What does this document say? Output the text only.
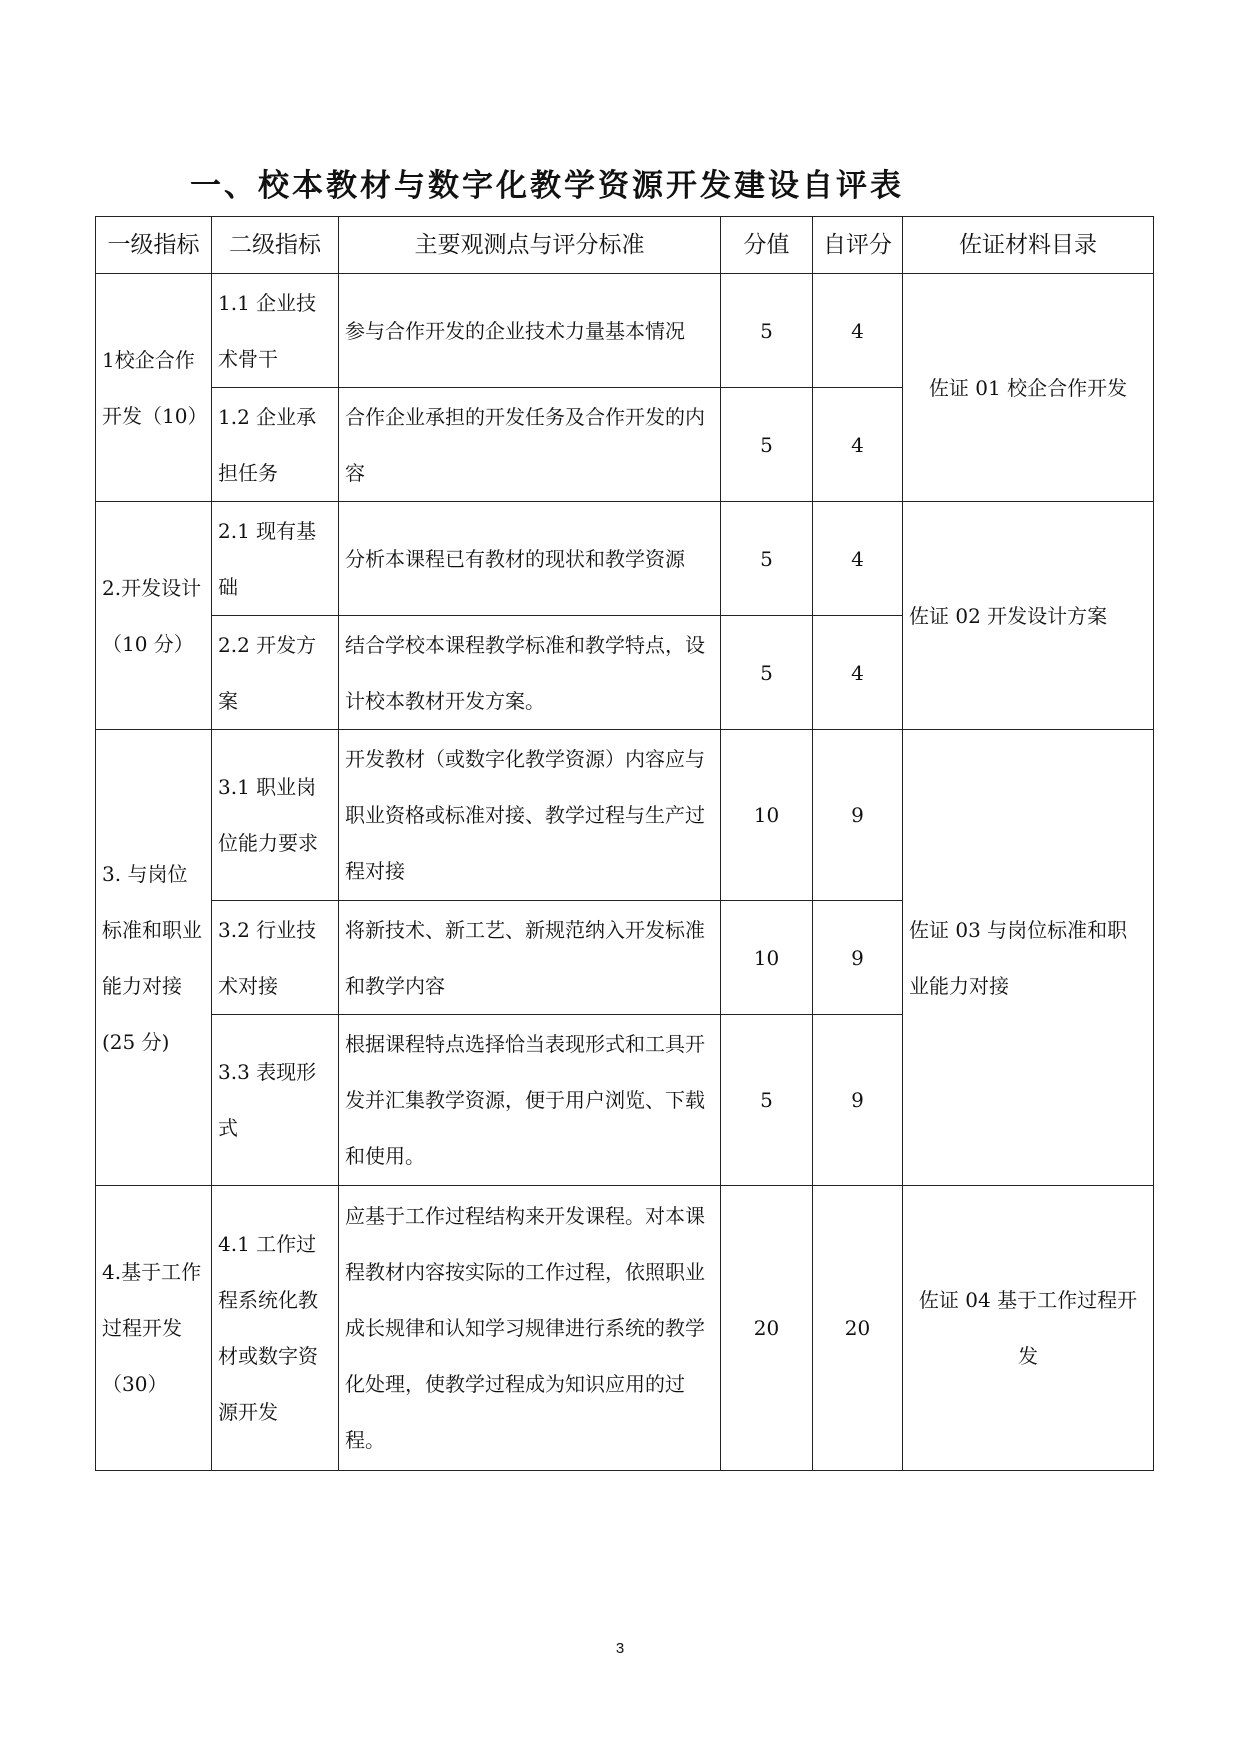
一、校本教材与数字化教学资源开发建设自评表
一级指标	二级指标	主要观测点与评分标准	分值	自评分	佐证材料目录
1校企合作开发（10）	1.1 企业技术骨干	参与合作开发的企业技术力量基本情况	5	4	佐证 01 校企合作开发
	1.2 企业承担任务	合作企业承担的开发任务及合作开发的内容	5	4	
2.开发设计（10 分）	2.1 现有基础	分析本课程已有教材的现状和教学资源	5	4	佐证 02 开发设计方案
	2.2 开发方案	结合学校本课程教学标准和教学特点，设计校本教材开发方案。	5	4	
3. 与岗位标准和职业能力对接(25 分)	3.1 职业岗位能力要求	开发教材（或数字化教学资源）内容应与职业资格或标准对接、教学过程与生产过程对接	10	9	佐证 03 与岗位标准和职业能力对接
	3.2 行业技术对接	将新技术、新工艺、新规范纳入开发标准和教学内容	10	9	
	3.3 表现形式	根据课程特点选择恰当表现形式和工具开发并汇集教学资源，便于用户浏览、下载和使用。	5	9	
4.基于工作过程开发（30）	4.1 工作过程系统化教材或数字资源开发	应基于工作过程结构来开发课程。对本课程教材内容按实际的工作过程，依照职业成长规律和认知学习规律进行系统的教学化处理，使教学过程成为知识应用的过程。	20	20	佐证 04 基于工作过程开发
3
